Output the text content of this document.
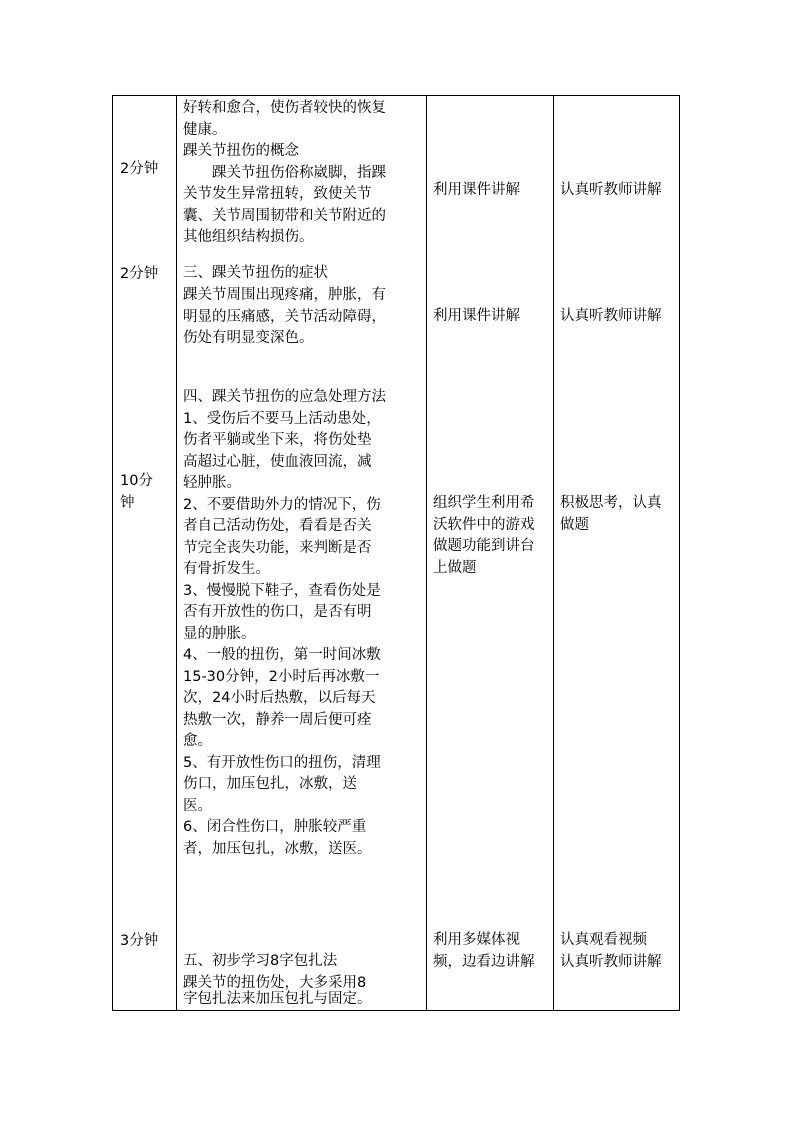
2分钟
好转和愈合，使伤者较快的恢复
健康。
踝关节扭伤的概念
　　踝关节扭伤俗称崴脚，指踝
关节发生异常扭转，致使关节
囊、关节周围韧带和关节附近的
其他组织结构损伤。
利用课件讲解	认真听教师讲解
2分钟 三、踝关节扭伤的症状
踝关节周围出现疼痛，肿胀，有
明显的压痛感，关节活动障碍，
伤处有明显变深色。
利用课件讲解	认真听教师讲解
10分
钟
四、踝关节扭伤的应急处理方法
1、受伤后不要马上活动患处，
伤者平躺或坐下来，将伤处垫
高超过心脏，使血液回流，减
轻肿胀。
2、不要借助外力的情况下，伤
者自己活动伤处，看看是否关
节完全丧失功能，来判断是否
有骨折发生。
3、慢慢脱下鞋子，查看伤处是
否有开放性的伤口，是否有明
显的肿胀。
4、一般的扭伤，第一时间冰敷
15-30分钟，2小时后再冰敷一
次，24小时后热敷，以后每天
热敷一次，静养一周后便可痊
愈。
5、有开放性伤口的扭伤，清理
伤口，加压包扎，冰敷，送
医。
6、闭合性伤口，肿胀较严重
者，加压包扎，冰敷，送医。
组织学生利用希
沃软件中的游戏
做题功能到讲台
上做题
积极思考，认真
做题
3分钟
五、初步学习8字包扎法
踝关节的扭伤处，大多采用8
字包扎法来加压包扎与固定。
利用多媒体视
频，边看边讲解
认真观看视频
认真听教师讲解
